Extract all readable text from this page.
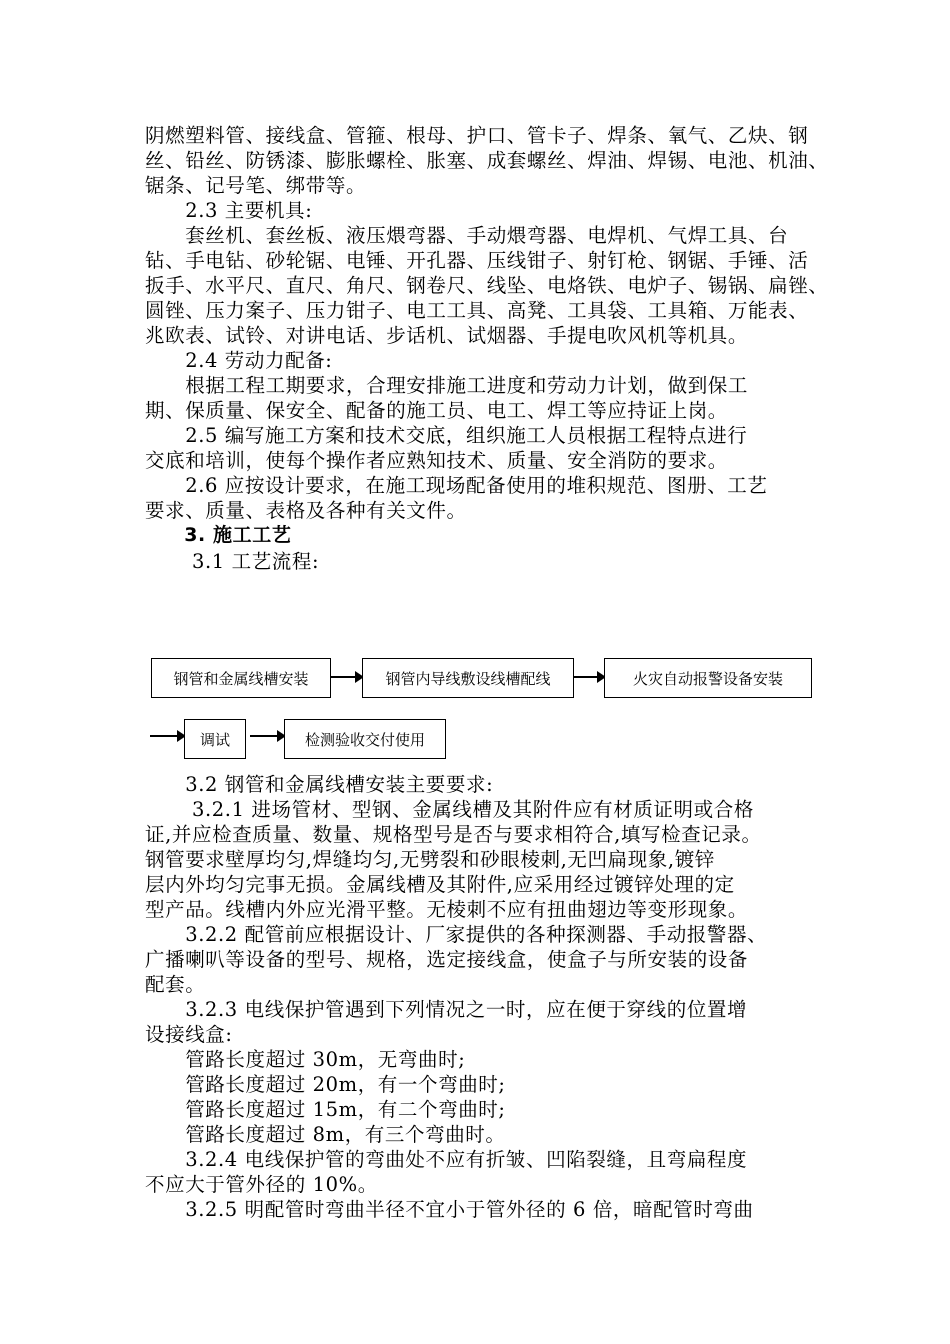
阴燃塑料管、接线盒、管箍、根母、护口、管卡子、焊条、氧气、乙炔、钢
丝、铅丝、防锈漆、膨胀螺栓、胀塞、成套螺丝、焊油、焊锡、电池、机油、
锯条、记号笔、绑带等。
　　2.3 主要机具:
　　套丝机、套丝板、液压煨弯器、手动煨弯器、电焊机、气焊工具、台
钻、手电钻、砂轮锯、电锤、开孔器、压线钳子、射钉枪、钢锯、手锤、活
扳手、水平尺、直尺、角尺、钢卷尺、线坠、电烙铁、电炉子、锡锅、扁锉、
圆锉、压力案子、压力钳子、电工工具、高凳、工具袋、工具箱、万能表、
兆欧表、试铃、对讲电话、步话机、试烟器、手提电吹风机等机具。
　　2.4 劳动力配备:
　　根据工程工期要求，合理安排施工进度和劳动力计划，做到保工
期、保质量、保安全、配备的施工员、电工、焊工等应持证上岗。
　　2.5 编写施工方案和技术交底，组织施工人员根据工程特点进行
交底和培训，使每个操作者应熟知技术、质量、安全消防的要求。
　　2.6 应按设计要求，在施工现场配备使用的堆积规范、图册、工艺
要求、质量、表格及各种有关文件。
　　3. 施工工艺
　　 3.1 工艺流程:
钢管和金属线槽安装	钢管内导线敷设线槽配线	火灾自动报警设备安装
调试	检测验收交付使用
　　3.2 钢管和金属线槽安装主要要求:
　　 3.2.1 进场管材、型钢、金属线槽及其附件应有材质证明或合格
证,并应检查质量、数量、规格型号是否与要求相符合,填写检查记录。
钢管要求壁厚均匀,焊缝均匀,无劈裂和砂眼棱刺,无凹扁现象,镀锌
层内外均匀完事无损。金属线槽及其附件,应采用经过镀锌处理的定
型产品。线槽内外应光滑平整。无棱刺不应有扭曲翅边等变形现象。
　　3.2.2 配管前应根据设计、厂家提供的各种探测器、手动报警器、
广播喇叭等设备的型号、规格，选定接线盒，使盒子与所安装的设备
配套。
　　3.2.3 电线保护管遇到下列情况之一时，应在便于穿线的位置增
设接线盒:
　　管路长度超过 30m，无弯曲时;
　　管路长度超过 20m，有一个弯曲时;
　　管路长度超过 15m，有二个弯曲时;
　　管路长度超过 8m，有三个弯曲时。
　　3.2.4 电线保护管的弯曲处不应有折皱、凹陷裂缝，且弯扁程度
不应大于管外径的 10%。
　　3.2.5 明配管时弯曲半径不宜小于管外径的 6 倍，暗配管时弯曲
